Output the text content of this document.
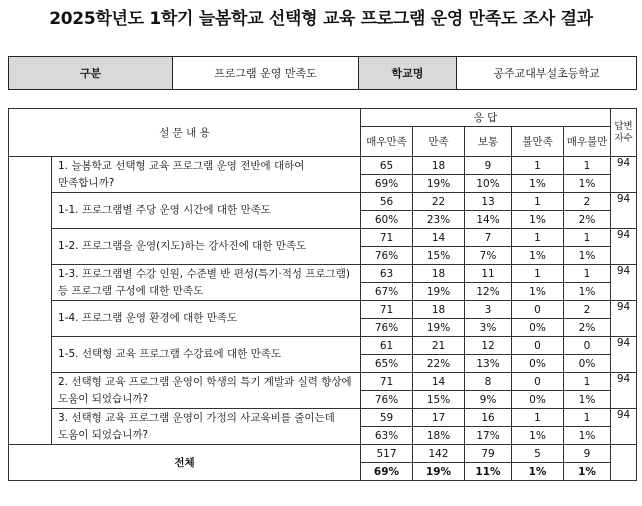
2025학년도 1학기 늘봄학교 선택형 교육 프로그램 운영 만족도 조사 결과
구분	프로그램 운영 만족도	학교명	공주교대부설초등학교
설 문 내 용		응 답					답변자수
		매우만족	만족	보통	불만족	매우불만	
	1. 늘봄학교 선택형 교육 프로그램 운영 전반에 대하여 만족합니까?	65	18	9	1	1	94
		69%	19%	10%	1%	1%	
	1-1. 프로그램별 주당 운영 시간에 대한 만족도	56	22	13	1	2	94
		60%	23%	14%	1%	2%	
	1-2. 프로그램을 운영(지도)하는 강사진에 대한 만족도	71	14	7	1	1	94
		76%	15%	7%	1%	1%	
	1-3. 프로그램별 수강 인원, 수준별 반 편성(특기·적성 프로그램) 등 프로그램 구성에 대한 만족도	63	18	11	1	1	94
		67%	19%	12%	1%	1%	
	1-4. 프로그램 운영 환경에 대한 만족도	71	18	3	0	2	94
		76%	19%	3%	0%	2%	
	1-5. 선택형 교육 프로그램 수강료에 대한 만족도	61	21	12	0	0	94
		65%	22%	13%	0%	0%	
	2. 선택형 교육 프로그램 운영이 학생의 특기 계발과 실력 향상에 도움이 되었습니까?	71	14	8	0	1	94
		76%	15%	9%	0%	1%	
	3. 선택형 교육 프로그램 운영이 가정의 사교육비를 줄이는데 도움이 되었습니까?	59	17	16	1	1	94
		63%	18%	17%	1%	1%	
전체		517	142	79	5	9	
		69%	19%	11%	1%	1%	
